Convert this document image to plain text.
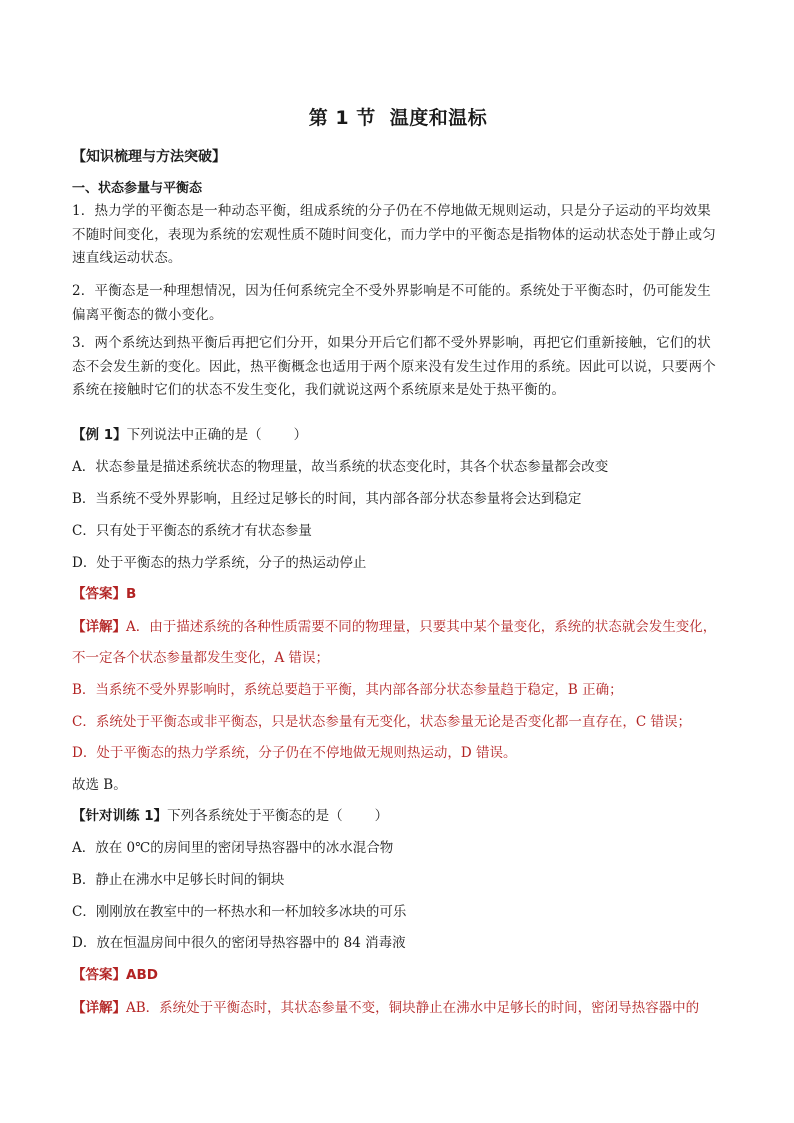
第 1 节 温度和温标
【知识梳理与方法突破】
一、状态参量与平衡态
1．热力学的平衡态是一种动态平衡，组成系统的分子仍在不停地做无规则运动，只是分子运动的平均效果不随时间变化，表现为系统的宏观性质不随时间变化，而力学中的平衡态是指物体的运动状态处于静止或匀速直线运动状态。
2．平衡态是一种理想情况，因为任何系统完全不受外界影响是不可能的。系统处于平衡态时，仍可能发生偏离平衡态的微小变化。
3．两个系统达到热平衡后再把它们分开，如果分开后它们都不受外界影响，再把它们重新接触，它们的状态不会发生新的变化。因此，热平衡概念也适用于两个原来没有发生过作用的系统。因此可以说，只要两个系统在接触时它们的状态不发生变化，我们就说这两个系统原来是处于热平衡的。
【例 1】下列说法中正确的是（ ）
A．状态参量是描述系统状态的物理量，故当系统的状态变化时，其各个状态参量都会改变
B．当系统不受外界影响，且经过足够长的时间，其内部各部分状态参量将会达到稳定
C．只有处于平衡态的系统才有状态参量
D．处于平衡态的热力学系统，分子的热运动停止
【答案】B
【详解】A．由于描述系统的各种性质需要不同的物理量，只要其中某个量变化，系统的状态就会发生变化，
不一定各个状态参量都发生变化，A 错误；
B．当系统不受外界影响时，系统总要趋于平衡，其内部各部分状态参量趋于稳定，B 正确；
C．系统处于平衡态或非平衡态，只是状态参量有无变化，状态参量无论是否变化都一直存在，C 错误；
D．处于平衡态的热力学系统，分子仍在不停地做无规则热运动，D 错误。
故选 B。
【针对训练 1】下列各系统处于平衡态的是（ ）
A．放在 0℃的房间里的密闭导热容器中的冰水混合物
B．静止在沸水中足够长时间的铜块
C．刚刚放在教室中的一杯热水和一杯加较多冰块的可乐
D．放在恒温房间中很久的密闭导热容器中的 84 消毒液
【答案】ABD
【详解】AB．系统处于平衡态时，其状态参量不变，铜块静止在沸水中足够长的时间，密闭导热容器中的
